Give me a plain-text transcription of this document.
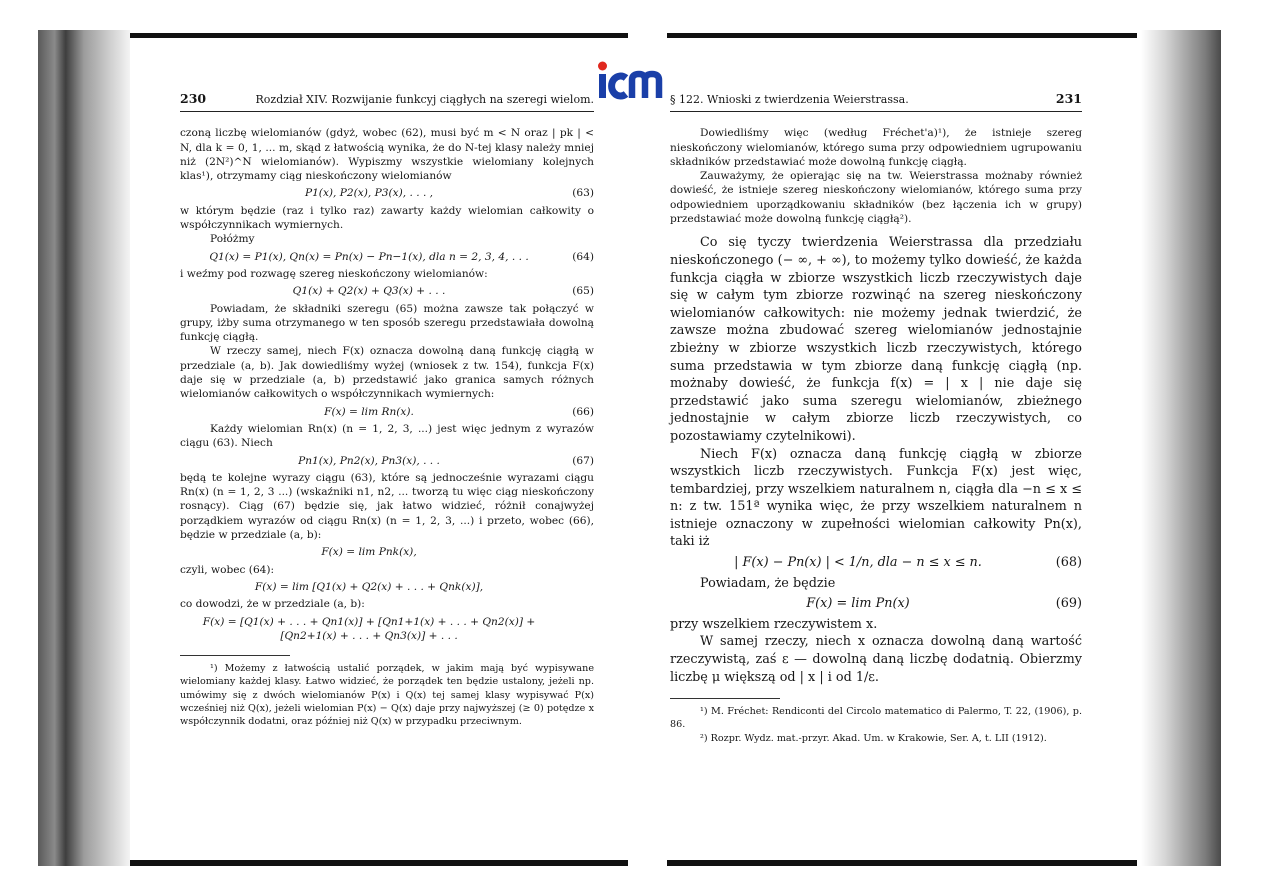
230	Rozdział XIV. Rozwijanie funkcyj ciągłych na szeregi wielom.

czoną liczbę wielomianów (gdyż, wobec (62), musi być m < N oraz | pk | < N, dla k = 0, 1, ... m, skąd z łatwością wynika, że do N-tej klasy należy mniej niż (2N²)^N wielomianów). Wypiszmy wszystkie wielomiany kolejnych klas¹), otrzymamy ciąg nieskończony wielomianów

P1(x), P2(x), P3(x), . . . ,	(63)

w którym będzie (raz i tylko raz) zawarty każdy wielomian całkowity o współczynnikach wymiernych.

Połóżmy

Q1(x) = P1(x), Qn(x) = Pn(x) − Pn−1(x), dla n = 2, 3, 4, . . .	(64)

i weźmy pod rozwagę szereg nieskończony wielomianów:

Q1(x) + Q2(x) + Q3(x) + . . .	(65)

Powiadam, że składniki szeregu (65) można zawsze tak połączyć w grupy, iżby suma otrzymanego w ten sposób szeregu przedstawiała dowolną funkcję ciągłą.

W rzeczy samej, niech F(x) oznacza dowolną daną funkcję ciągłą w przedziale (a, b). Jak dowiedliśmy wyżej (wniosek z tw. 154), funkcja F(x) daje się w przedziale (a, b) przedstawić jako granica samych różnych wielomianów całkowitych o współczynnikach wymiernych:

F(x) = lim Rn(x).	(66)

Każdy wielomian Rn(x) (n = 1, 2, 3, ...) jest więc jednym z wyrazów ciągu (63). Niech

Pn1(x), Pn2(x), Pn3(x), . . .	(67)

będą te kolejne wyrazy ciągu (63), które są jednocześnie wyrazami ciągu Rn(x) (n = 1, 2, 3 ...) (wskaźniki n1, n2, ... tworzą tu więc ciąg nieskończony rosnący). Ciąg (67) będzie się, jak łatwo widzieć, różnił conajwyżej porządkiem wyrazów od ciągu Rn(x) (n = 1, 2, 3, ...) i przeto, wobec (66), będzie w przedziale (a, b):

F(x) = lim Pnk(x),

czyli, wobec (64):

F(x) = lim [Q1(x) + Q2(x) + . . . + Qnk(x)],

co dowodzi, że w przedziale (a, b):

F(x) = [Q1(x) + . . . + Qn1(x)] + [Qn1+1(x) + . . . + Qn2(x)] + [Qn2+1(x) + . . . + Qn3(x)] + . . .

¹) Możemy z łatwością ustalić porządek, w jakim mają być wypisywane wielomiany każdej klasy. Łatwo widzieć, że porządek ten będzie ustalony, jeżeli np. umówimy się z dwóch wielomianów P(x) i Q(x) tej samej klasy wypisywać P(x) wcześniej niż Q(x), jeżeli wielomian P(x) − Q(x) daje przy najwyższej (≥ 0) potędze x współczynnik dodatni, oraz później niż Q(x) w przypadku przeciwnym.

§ 122. Wnioski z twierdzenia Weierstrassa.	231

Dowiedliśmy więc (według Fréchet'a)¹), że istnieje szereg nieskończony wielomianów, którego suma przy odpowiedniem ugrupowaniu składników przedstawiać może dowolną funkcję ciągłą.

Zauważymy, że opierając się na tw. Weierstrassa możnaby również dowieść, że istnieje szereg nieskończony wielomianów, którego suma przy odpowiedniem uporządkowaniu składników (bez łączenia ich w grupy) przedstawiać może dowolną funkcję ciągłą²).

Co się tyczy twierdzenia Weierstrassa dla przedziału nieskończonego (− ∞, + ∞), to możemy tylko dowieść, że każda funkcja ciągła w zbiorze wszystkich liczb rzeczywistych daje się w całym tym zbiorze rozwinąć na szereg nieskończony wielomianów całkowitych: nie możemy jednak twierdzić, że zawsze można zbudować szereg wielomianów jednostajnie zbieżny w zbiorze wszystkich liczb rzeczywistych, którego suma przedstawia w tym zbiorze daną funkcję ciągłą (np. możnaby dowieść, że funkcja f(x) = | x | nie daje się przedstawić jako suma szeregu wielomianów, zbieżnego jednostajnie w całym zbiorze liczb rzeczywistych, co pozostawiamy czytelnikowi).

Niech F(x) oznacza daną funkcję ciągłą w zbiorze wszystkich liczb rzeczywistych. Funkcja F(x) jest więc, tembardziej, przy wszelkiem naturalnem n, ciągła dla −n ≤ x ≤ n: z tw. 151ª wynika więc, że przy wszelkiem naturalnem n istnieje oznaczony w zupełności wielomian całkowity Pn(x), taki iż

| F(x) − Pn(x) | < 1/n, dla − n ≤ x ≤ n.	(68)

Powiadam, że będzie

F(x) = lim Pn(x)	(69)

przy wszelkiem rzeczywistem x.

W samej rzeczy, niech x oznacza dowolną daną wartość rzeczywistą, zaś ε — dowolną daną liczbę dodatnią. Obierzmy liczbę μ większą od | x | i od 1/ε.

¹) M. Fréchet: Rendiconti del Circolo matematico di Palermo, T. 22, (1906), p. 86.

²) Rozpr. Wydz. mat.-przyr. Akad. Um. w Krakowie, Ser. A, t. LII (1912).
